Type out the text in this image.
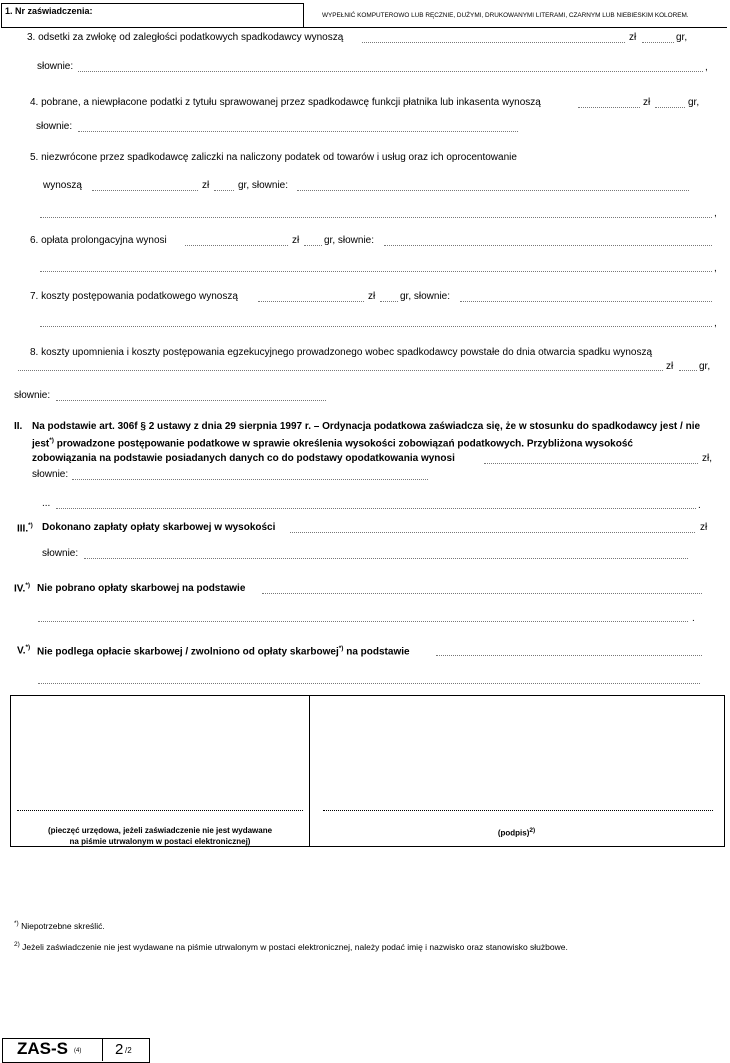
1. Nr zaświadczenia:	WYPEŁNIĆ KOMPUTEROWO LUB RĘCZNIE, DUŻYMI, DRUKOWANYMI LITERAMI, CZARNYM LUB NIEBIESKIM KOLOREM.
3. odsetki za zwłokę od zaległości podatkowych spadkodawcy wynoszą	zł	gr,
słownie:	,
4. pobrane, a niewpłacone podatki z tytułu sprawowanej przez spadkodawcę funkcji płatnika lub inkasenta wynoszą	zł	gr,
słownie:
5. niezwrócone przez spadkodawcę zaliczki na naliczony podatek od towarów i usług oraz ich oprocentowanie
wynoszą	zł	gr, słownie:
,
6. opłata prolongacyjna wynosi	zł gr, słownie:
,
7. koszty postępowania podatkowego wynoszą	zł gr, słownie:
,
8. koszty upomnienia i koszty postępowania egzekucyjnego prowadzonego wobec spadkodawcy powstałe do dnia otwarcia spadku wynoszą
zł	gr,
słownie:
II. Na podstawie art. 306f § 2 ustawy z dnia 29 sierpnia 1997 r. – Ordynacja podatkowa zaświadcza się, że w stosunku do spadkodawcy jest / nie
jest*) prowadzone postępowanie podatkowe w sprawie określenia wysokości zobowiązań podatkowych. Przybliżona wysokość
zobowiązania na podstawie posiadanych danych co do podstawy opodatkowania wynosi	zł,
słownie:
...	.
III.*) Dokonano zapłaty opłaty skarbowej w wysokości	zł
słownie:
IV.*) Nie pobrano opłaty skarbowej na podstawie
.
V.*) Nie podlega opłacie skarbowej / zwolniono od opłaty skarbowej*) na podstawie
(pieczęć urzędowa, jeżeli zaświadczenie nie jest wydawane
na piśmie utrwalonym w postaci elektronicznej)
(podpis)$^{2)}$
*) Niepotrzebne skreślić.
$^{2)}$ Jeżeli zaświadczenie nie jest wydawane na piśmie utrwalonym w postaci elektronicznej, należy podać imię i nazwisko oraz stanowisko służbowe.
ZAS-S (4) 2 /2
